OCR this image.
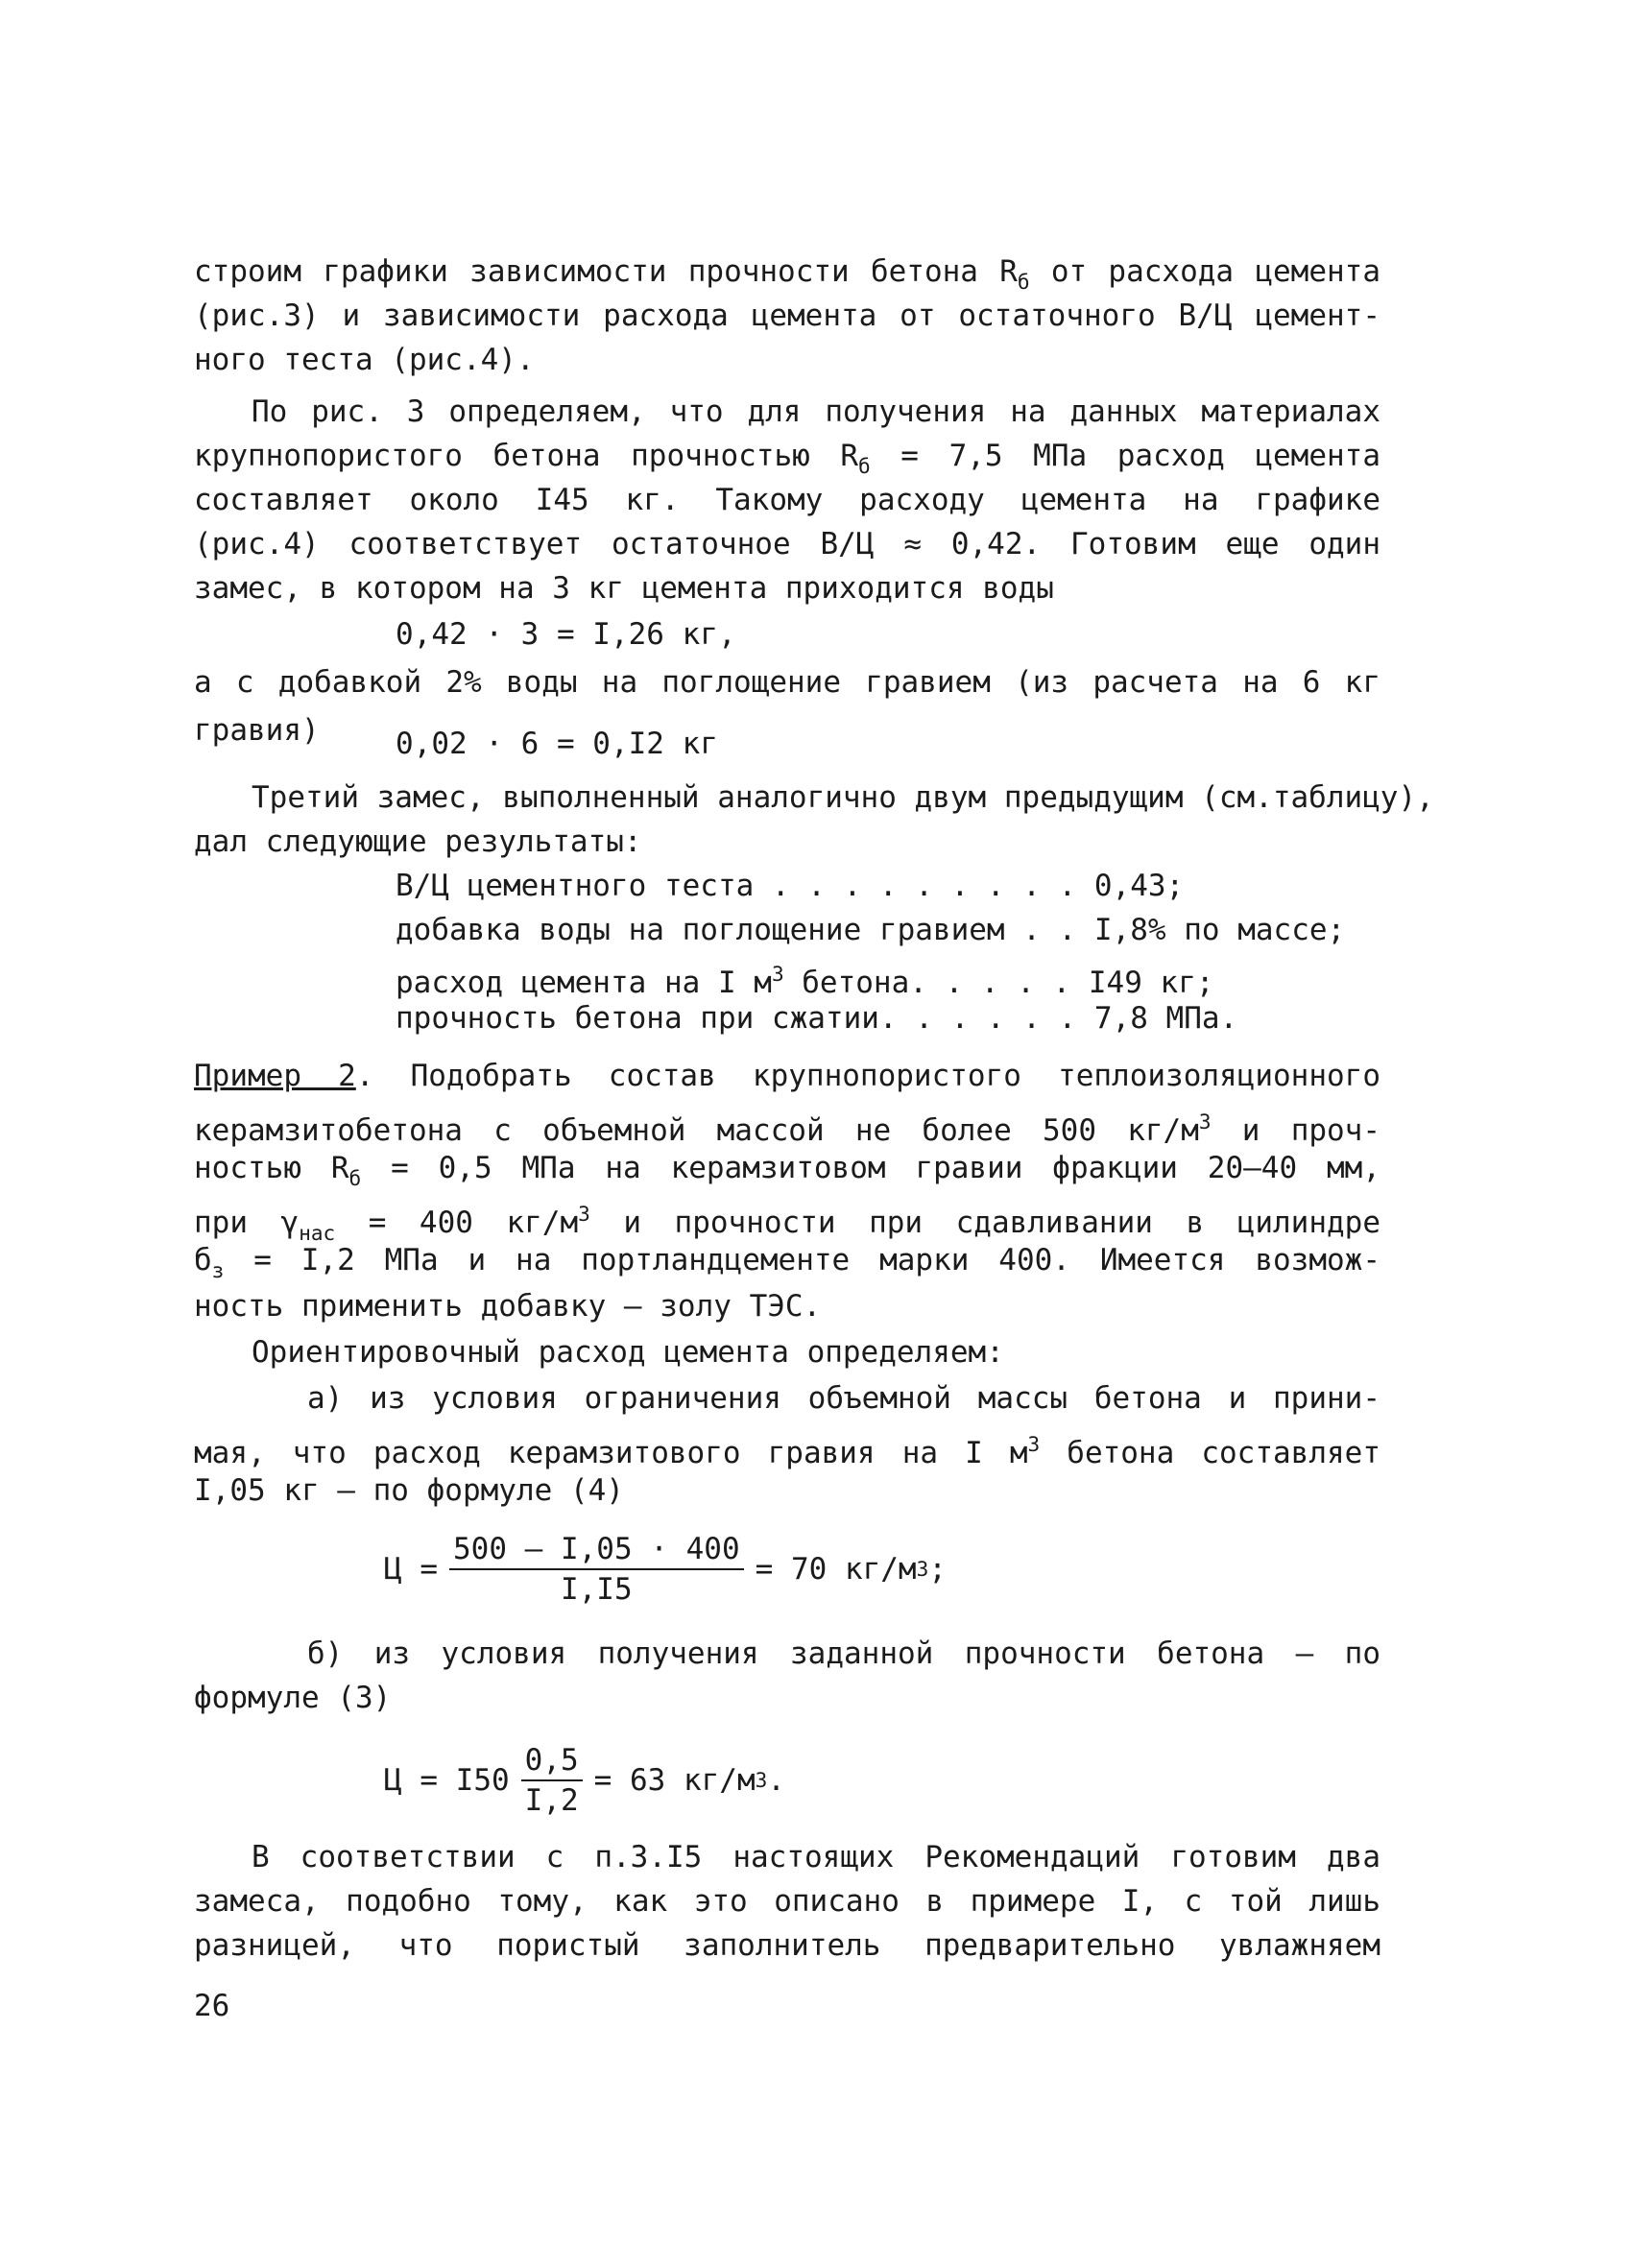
строим графики зависимости прочности бетона $R_б$ от расхода цемента
(рис.3) и зависимости расхода цемента от остаточного В/Ц цемент-
ного теста (рис.4).
По рис. 3 определяем, что для получения на данных материалах
крупнопористого бетона прочностью $R_б = 7,5$ МПа расход цемента
составляет около I45 кг. Такому расходу цемента на графике
(рис.4) соответствует остаточное В/Ц ≈ 0,42. Готовим еще один
замес, в котором на 3 кг цемента приходится воды
0,42 · 3 = I,26 кг,
а с добавкой 2% воды на поглощение гравием (из расчета на 6 кг
гравия)	0,02 · 6 = 0,I2 кг
Третий замес, выполненный аналогично двум предыдущим (см.таблицу),
дал следующие результаты:
В/Ц цементного теста . . . . . . . . . 0,43;
добавка воды на поглощение гравием . . I,8% по массе;
расход цемента на I $м^3$ бетона. . . . . I49 кг;
прочность бетона при сжатии. . . . . . 7,8 МПа.
Пример 2. Подобрать состав крупнопористого теплоизоляционного
керамзитобетона с объемной массой не более 500 $кг/м^3$ и проч-
ностью $R_б = 0,5$ МПа на керамзитовом гравии фракции 20–40 мм,
при $\gamma_{нас} = 400$ $кг/м^3$ и прочности при сдавливании в цилиндре
$б_з = I,2$ МПа и на портландцементе марки 400. Имеется возмож-
ность применить добавку – золу ТЭС.
Ориентировочный расход цемента определяем:
а) из условия ограничения объемной массы бетона и прини-
мая, что расход керамзитового гравия на I $м^3$ бетона составляет
I,05 кг – по формуле (4)
$Ц = \frac{500 - I,05 \cdot 400}{I,I5} = 70$ кг/м 3 ;
б) из условия получения заданной прочности бетона – по
формуле (3)
$Ц = I50 \frac{0,5}{I,2} = 63$ кг/м 3 .
В соответствии с п.3.I5 настоящих Рекомендаций готовим два
замеса, подобно тому, как это описано в примере I, с той лишь
разницей, что пористый заполнитель предварительно увлажняем
26
